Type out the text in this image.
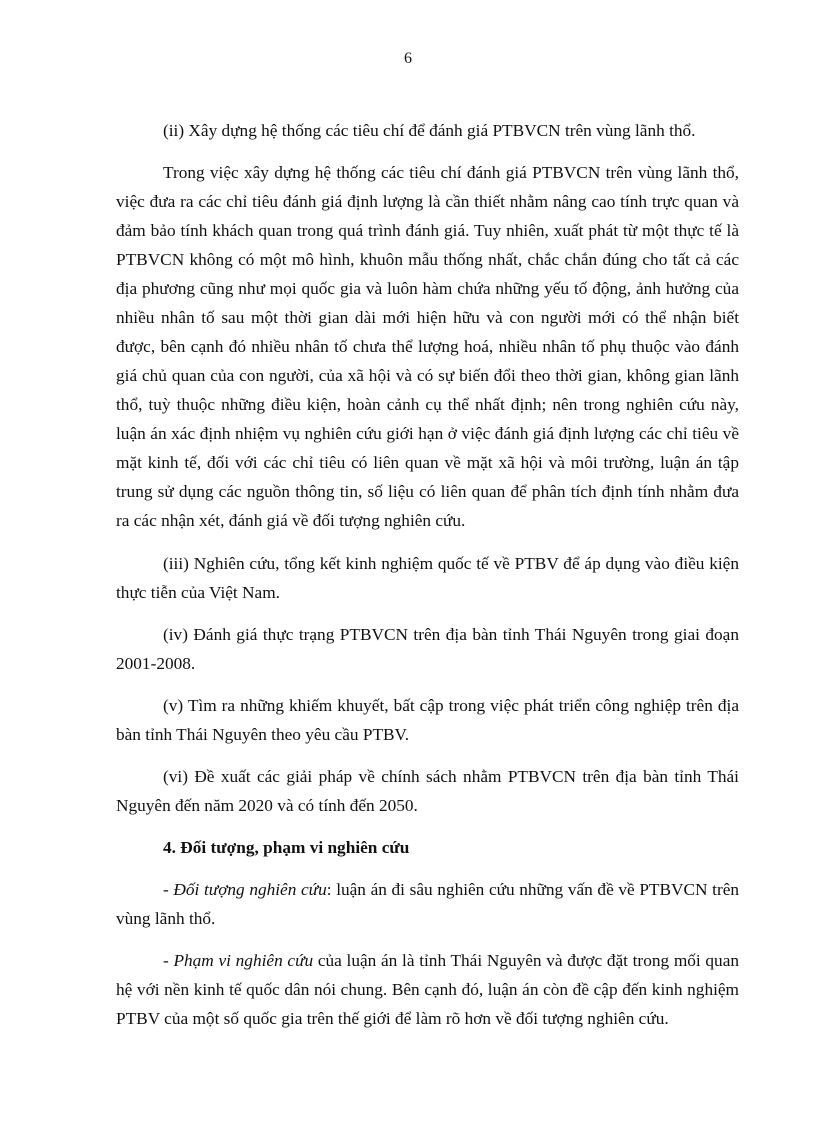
6

(ii) Xây dựng hệ thống các tiêu chí để đánh giá PTBVCN trên vùng lãnh thổ.

Trong việc xây dựng hệ thống các tiêu chí đánh giá PTBVCN trên vùng lãnh thổ, việc đưa ra các chỉ tiêu đánh giá định lượng là cần thiết nhằm nâng cao tính trực quan và đảm bảo tính khách quan trong quá trình đánh giá. Tuy nhiên, xuất phát từ một thực tế là PTBVCN không có một mô hình, khuôn mẫu thống nhất, chắc chắn đúng cho tất cả các địa phương cũng như mọi quốc gia và luôn hàm chứa những yếu tố động, ảnh hưởng của nhiều nhân tố sau một thời gian dài mới hiện hữu và con người mới có thể nhận biết được, bên cạnh đó nhiều nhân tố chưa thể lượng hoá, nhiều nhân tố phụ thuộc vào đánh giá chủ quan của con người, của xã hội và có sự biến đổi theo thời gian, không gian lãnh thổ, tuỳ thuộc những điều kiện, hoàn cảnh cụ thể nhất định; nên trong nghiên cứu này, luận án xác định nhiệm vụ nghiên cứu giới hạn ở việc đánh giá định lượng các chỉ tiêu về mặt kinh tế, đối với các chỉ tiêu có liên quan về mặt xã hội và môi trường, luận án tập trung sử dụng các nguồn thông tin, số liệu có liên quan để phân tích định tính nhằm đưa ra các nhận xét, đánh giá về đối tượng nghiên cứu.

(iii) Nghiên cứu, tổng kết kinh nghiệm quốc tế về PTBV để áp dụng vào điều kiện thực tiễn của Việt Nam.

(iv) Đánh giá thực trạng PTBVCN trên địa bàn tỉnh Thái Nguyên trong giai đoạn 2001-2008.

(v) Tìm ra những khiếm khuyết, bất cập trong việc phát triển công nghiệp trên địa bàn tỉnh Thái Nguyên theo yêu cầu PTBV.

(vi) Đề xuất các giải pháp về chính sách nhằm PTBVCN trên địa bàn tỉnh Thái Nguyên đến năm 2020 và có tính đến 2050.

4. Đối tượng, phạm vi nghiên cứu

- Đối tượng nghiên cứu: luận án đi sâu nghiên cứu những vấn đề về PTBVCN trên vùng lãnh thổ.

- Phạm vi nghiên cứu của luận án là tỉnh Thái Nguyên và được đặt trong mối quan hệ với nền kinh tế quốc dân nói chung. Bên cạnh đó, luận án còn đề cập đến kinh nghiệm PTBV của một số quốc gia trên thế giới để làm rõ hơn về đối tượng nghiên cứu.
